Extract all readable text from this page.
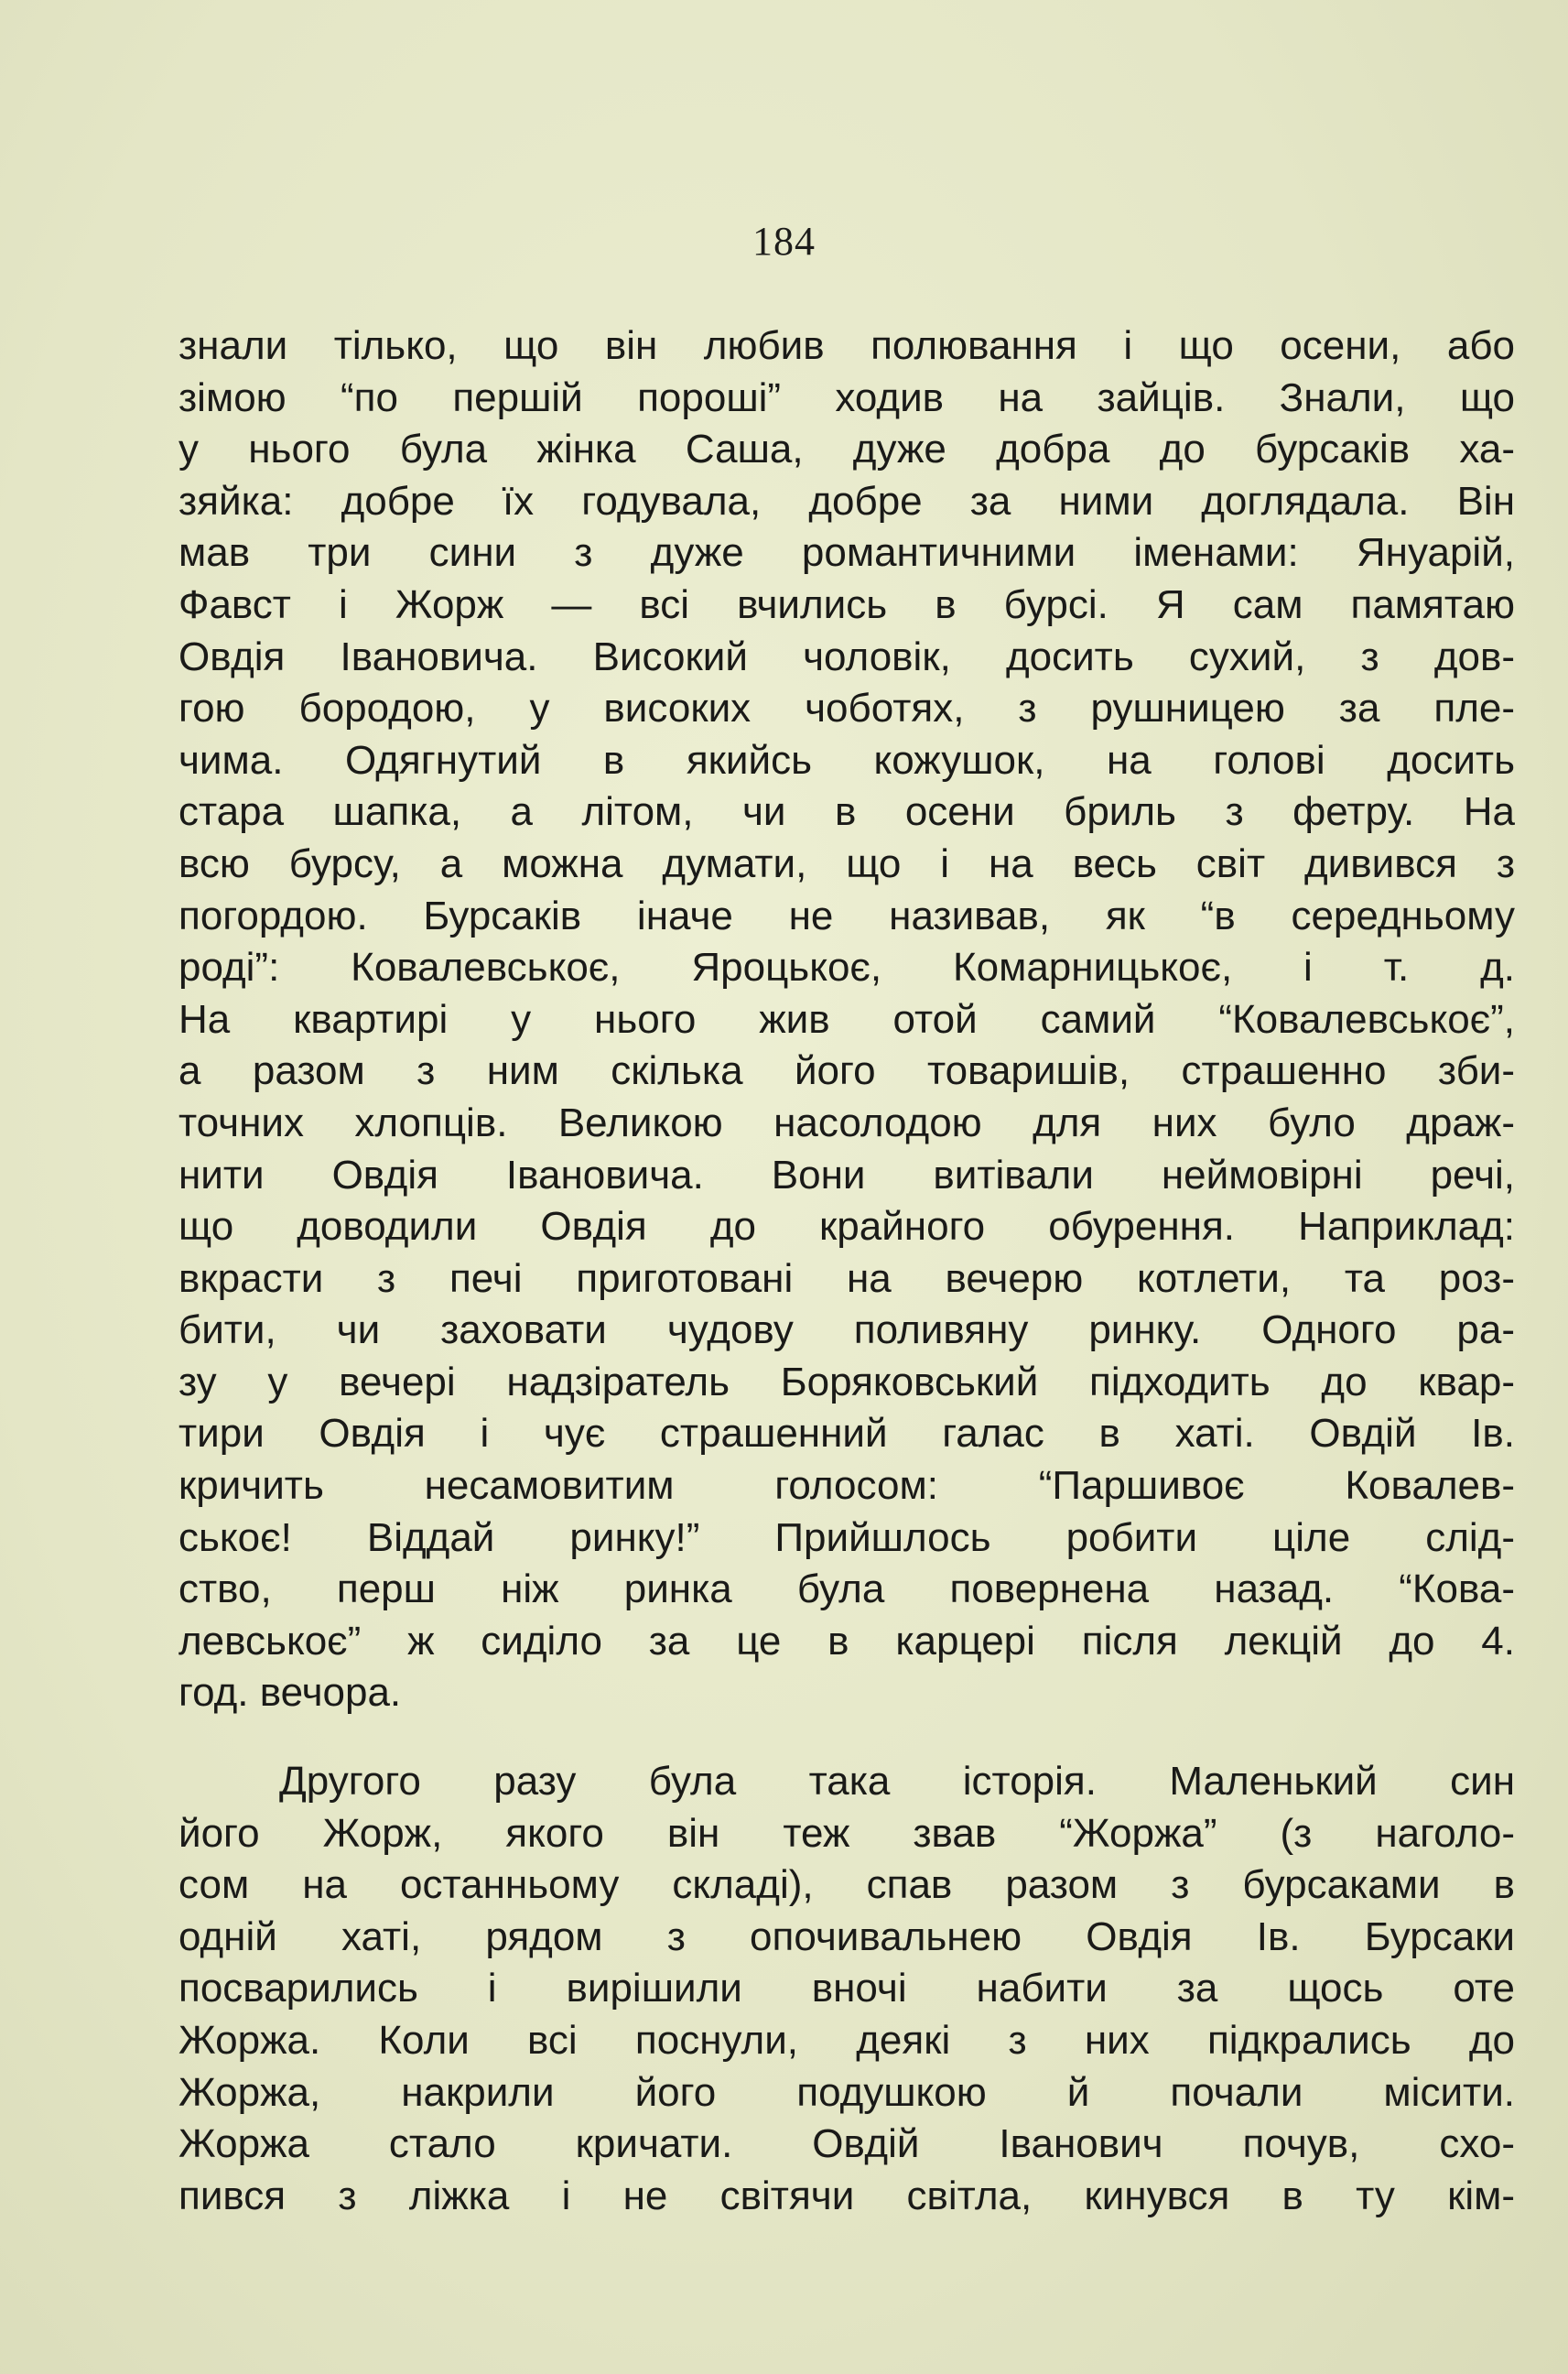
184
знали тілько, що він любив полювання і що осени, або
зімою “по першій пороші” ходив на зайців. Знали, що
у нього була жінка Саша, дуже добра до бурсаків ха-
зяйка: добре їх годувала, добре за ними доглядала. Він
мав три сини з дуже романтичними іменами: Януарій,
Фавст і Жорж — всі вчились в бурсі. Я сам памятаю
Овдія Івановича. Високий чоловік, досить сухий, з дов-
гою бородою, у високих чоботях, з рушницею за пле-
чима. Одягнутий в якийсь кожушок, на голові досить
стара шапка, а літом, чи в осени бриль з фетру. На
всю бурсу, а можна думати, що і на весь світ дивився з
погордою. Бурсаків іначе не називав, як “в середньому
роді”: Ковалевськоє, Яроцькоє, Комарницькоє, і т. д.
На квартирі у нього жив отой самий “Ковалевськоє”,
а разом з ним скілька його товаришів, страшенно зби-
точних хлопців. Великою насолодою для них було драж-
нити Овдія Івановича. Вони витівали неймовірні речі,
що доводили Овдія до крайного обурення. Наприклад:
вкрасти з печі приготовані на вечерю котлети, та роз-
бити, чи заховати чудову поливяну ринку. Одного ра-
зу у вечері надзіратель Боряковський підходить до квар-
тири Овдія і чує страшенний галас в хаті. Овдій Ів.
кричить несамовитим голосом: “Паршивоє Ковалев-
ськоє! Віддай ринку!” Прийшлось робити ціле слід-
ство, перш ніж ринка була повернена назад. “Кова-
левськоє” ж сиділо за це в карцері після лекцій до 4.
год. вечора.
Другого разу була така історія. Маленький син
його Жорж, якого він теж звав “Жоржа” (з наголо-
сом на останньому складі), спав разом з бурсаками в
одній хаті, рядом з опочивальнею Овдія Ів. Бурсаки
посварились і вирішили вночі набити за щось оте
Жоржа. Коли всі поснули, деякі з них підкрались до
Жоржа, накрили його подушкою й почали місити.
Жоржа стало кричати. Овдій Іванович почув, схо-
пився з ліжка і не світячи світла, кинувся в ту кім-
